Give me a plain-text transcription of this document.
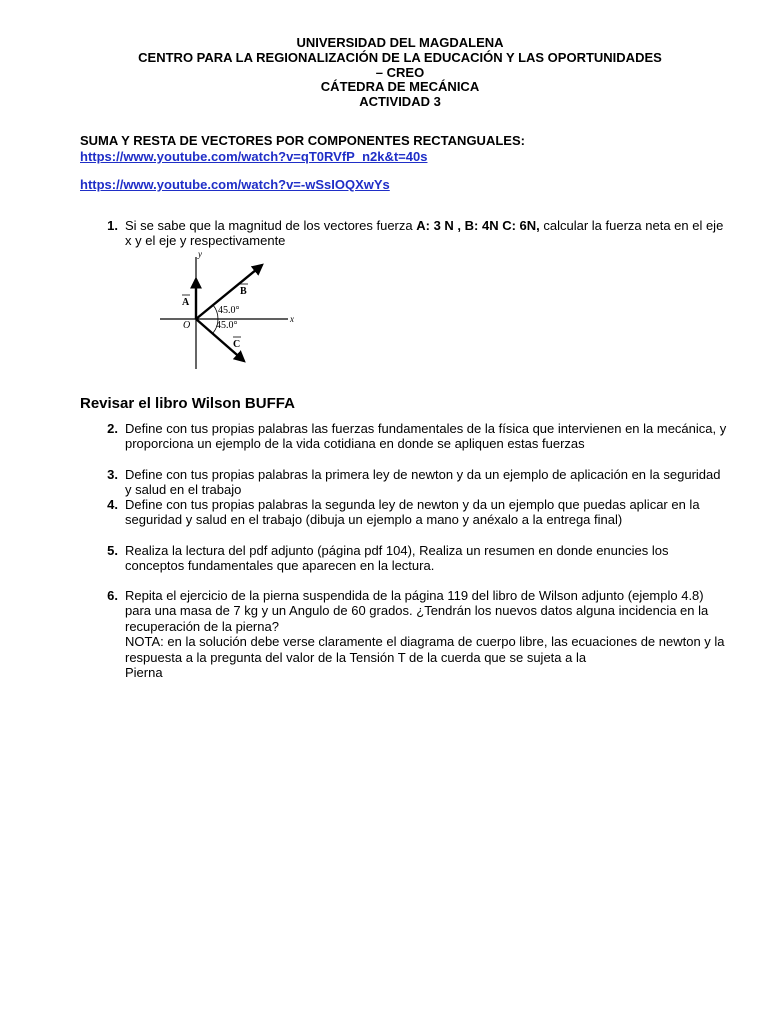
UNIVERSIDAD DEL MAGDALENA
CENTRO PARA LA REGIONALIZACIÓN DE LA EDUCACIÓN Y LAS OPORTUNIDADES
– CREO
CÁTEDRA DE MECÁNICA
ACTIVIDAD 3
SUMA Y RESTA DE VECTORES POR COMPONENTES RECTANGUALES:
https://www.youtube.com/watch?v=qT0RVfP_n2k&t=40s
https://www.youtube.com/watch?v=-wSsIOQXwYs
1. Si se sabe que la magnitud de los vectores fuerza A: 3 N , B: 4N C: 6N, calcular la fuerza neta en el eje x y el eje y respectivamente
y
x
O
A
B
C
45.0°
45.0°
Revisar el libro Wilson BUFFA
2. Define con tus propias palabras las fuerzas fundamentales de la física que intervienen en la mecánica, y proporciona un ejemplo de la vida cotidiana en donde se apliquen estas fuerzas
3. Define con tus propias palabras la primera ley de newton y da un ejemplo de aplicación en la seguridad y salud en el trabajo
4. Define con tus propias palabras la segunda ley de newton y da un ejemplo que puedas aplicar en la seguridad y salud en el trabajo (dibuja un ejemplo a mano y anéxalo a la entrega final)
5. Realiza la lectura del pdf adjunto (página pdf 104), Realiza un resumen en donde enuncies los conceptos fundamentales que aparecen en la lectura.
6. Repita el ejercicio de la pierna suspendida de la página 119 del libro de Wilson adjunto (ejemplo 4.8) para una masa de 7 kg y un Angulo de 60 grados. ¿Tendrán los nuevos datos alguna incidencia en la recuperación de la pierna?
NOTA: en la solución debe verse claramente el diagrama de cuerpo libre, las ecuaciones de newton y la respuesta a la pregunta del valor de la Tensión T de la cuerda que se sujeta a la
Pierna
